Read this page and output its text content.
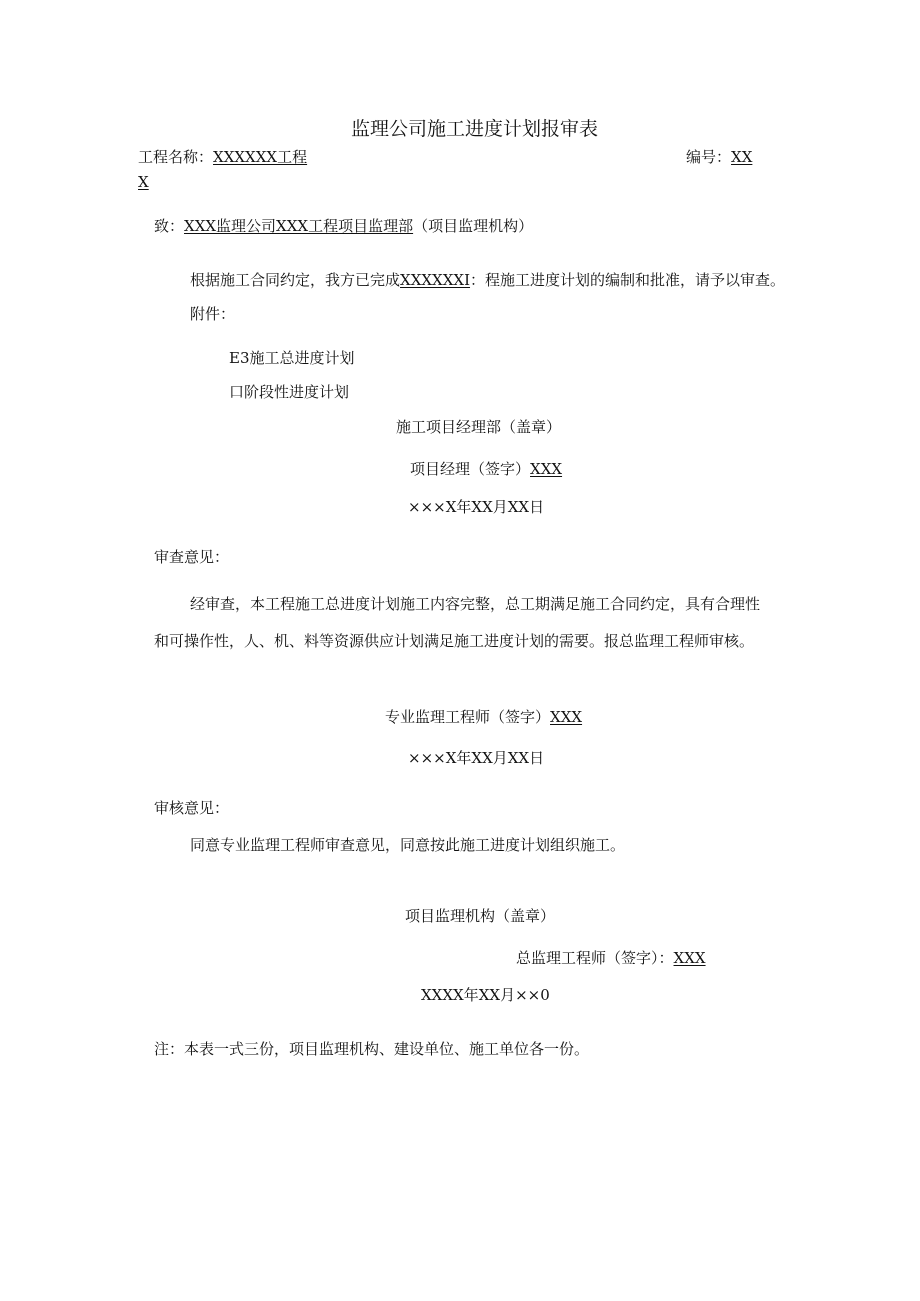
监理公司施工进度计划报审表
工程名称：XXXXXX工程	编号：XX
X
致：XXX监理公司XXX工程项目监理部（项目监理机构）
根据施工合同约定，我方已完成XXXXXXI：程施工进度计划的编制和批准，请予以审查。
附件：
E3施工总进度计划
口阶段性进度计划
施工项目经理部（盖章）
项目经理（签字）XXX
×××X年XX月XX日
审查意见：
经审查，本工程施工总进度计划施工内容完整，总工期满足施工合同约定，具有合理性
和可操作性，人、机、料等资源供应计划满足施工进度计划的需要。报总监理工程师审核。
专业监理工程师（签字）XXX
×××X年XX月XX日
审核意见：
同意专业监理工程师审查意见，同意按此施工进度计划组织施工。
项目监理机构（盖章）
总监理工程师（签字）：XXX
XXXX年XX月××0
注：本表一式三份，项目监理机构、建设单位、施工单位各一份。
